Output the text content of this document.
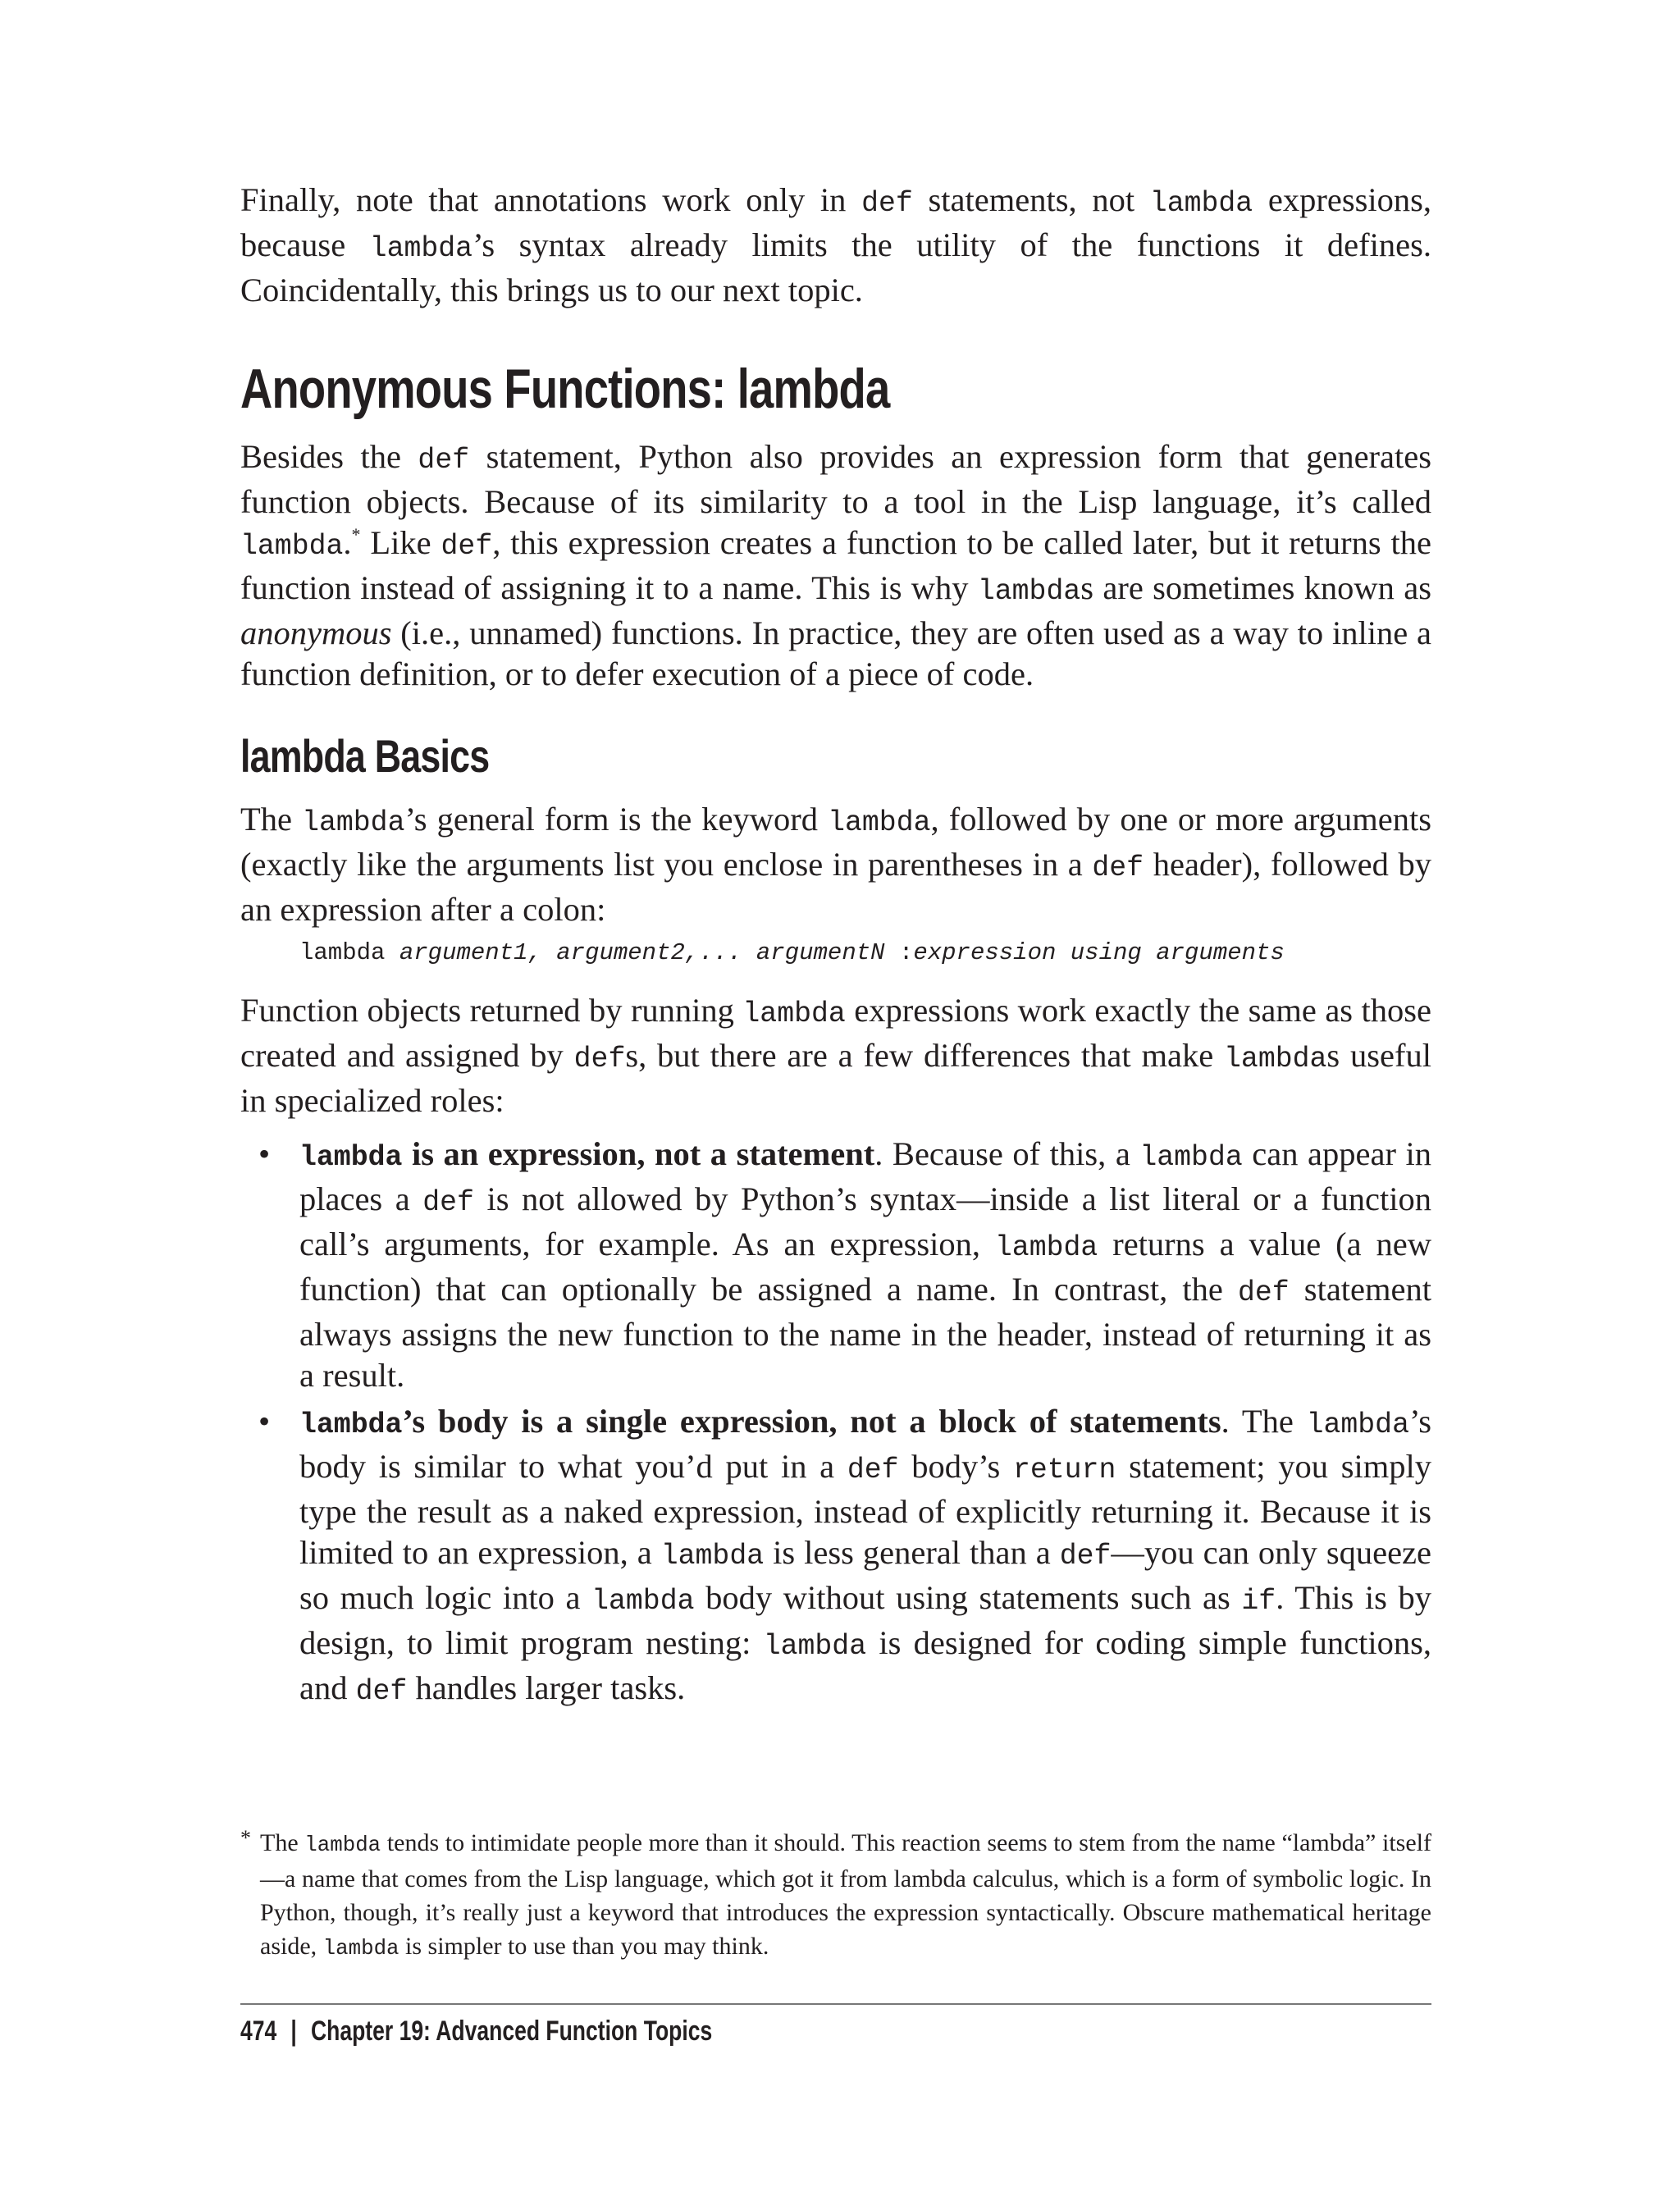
Finally, note that annotations work only in def statements, not lambda expressions, because lambda’s syntax already limits the utility of the functions it defines. Coincidentally, this brings us to our next topic.

Anonymous Functions: lambda

Besides the def statement, Python also provides an expression form that generates function objects. Because of its similarity to a tool in the Lisp language, it’s called lambda.* Like def, this expression creates a function to be called later, but it returns the function instead of assigning it to a name. This is why lambdas are sometimes known as anonymous (i.e., unnamed) functions. In practice, they are often used as a way to inline a function definition, or to defer execution of a piece of code.

lambda Basics

The lambda’s general form is the keyword lambda, followed by one or more arguments (exactly like the arguments list you enclose in parentheses in a def header), followed by an expression after a colon:

lambda argument1, argument2,... argumentN :expression using arguments

Function objects returned by running lambda expressions work exactly the same as those created and assigned by defs, but there are a few differences that make lambdas useful in specialized roles:

• lambda is an expression, not a statement. Because of this, a lambda can appear in places a def is not allowed by Python’s syntax—inside a list literal or a function call’s arguments, for example. As an expression, lambda returns a value (a new function) that can optionally be assigned a name. In contrast, the def statement always assigns the new function to the name in the header, instead of returning it as a result.

• lambda’s body is a single expression, not a block of statements. The lambda’s body is similar to what you’d put in a def body’s return statement; you simply type the result as a naked expression, instead of explicitly returning it. Because it is limited to an expression, a lambda is less general than a def—you can only squeeze so much logic into a lambda body without using statements such as if. This is by design, to limit program nesting: lambda is designed for coding simple functions, and def handles larger tasks.

* The lambda tends to intimidate people more than it should. This reaction seems to stem from the name “lambda” itself—a name that comes from the Lisp language, which got it from lambda calculus, which is a form of symbolic logic. In Python, though, it’s really just a keyword that introduces the expression syntactically. Obscure mathematical heritage aside, lambda is simpler to use than you may think.

474 | Chapter 19: Advanced Function Topics
